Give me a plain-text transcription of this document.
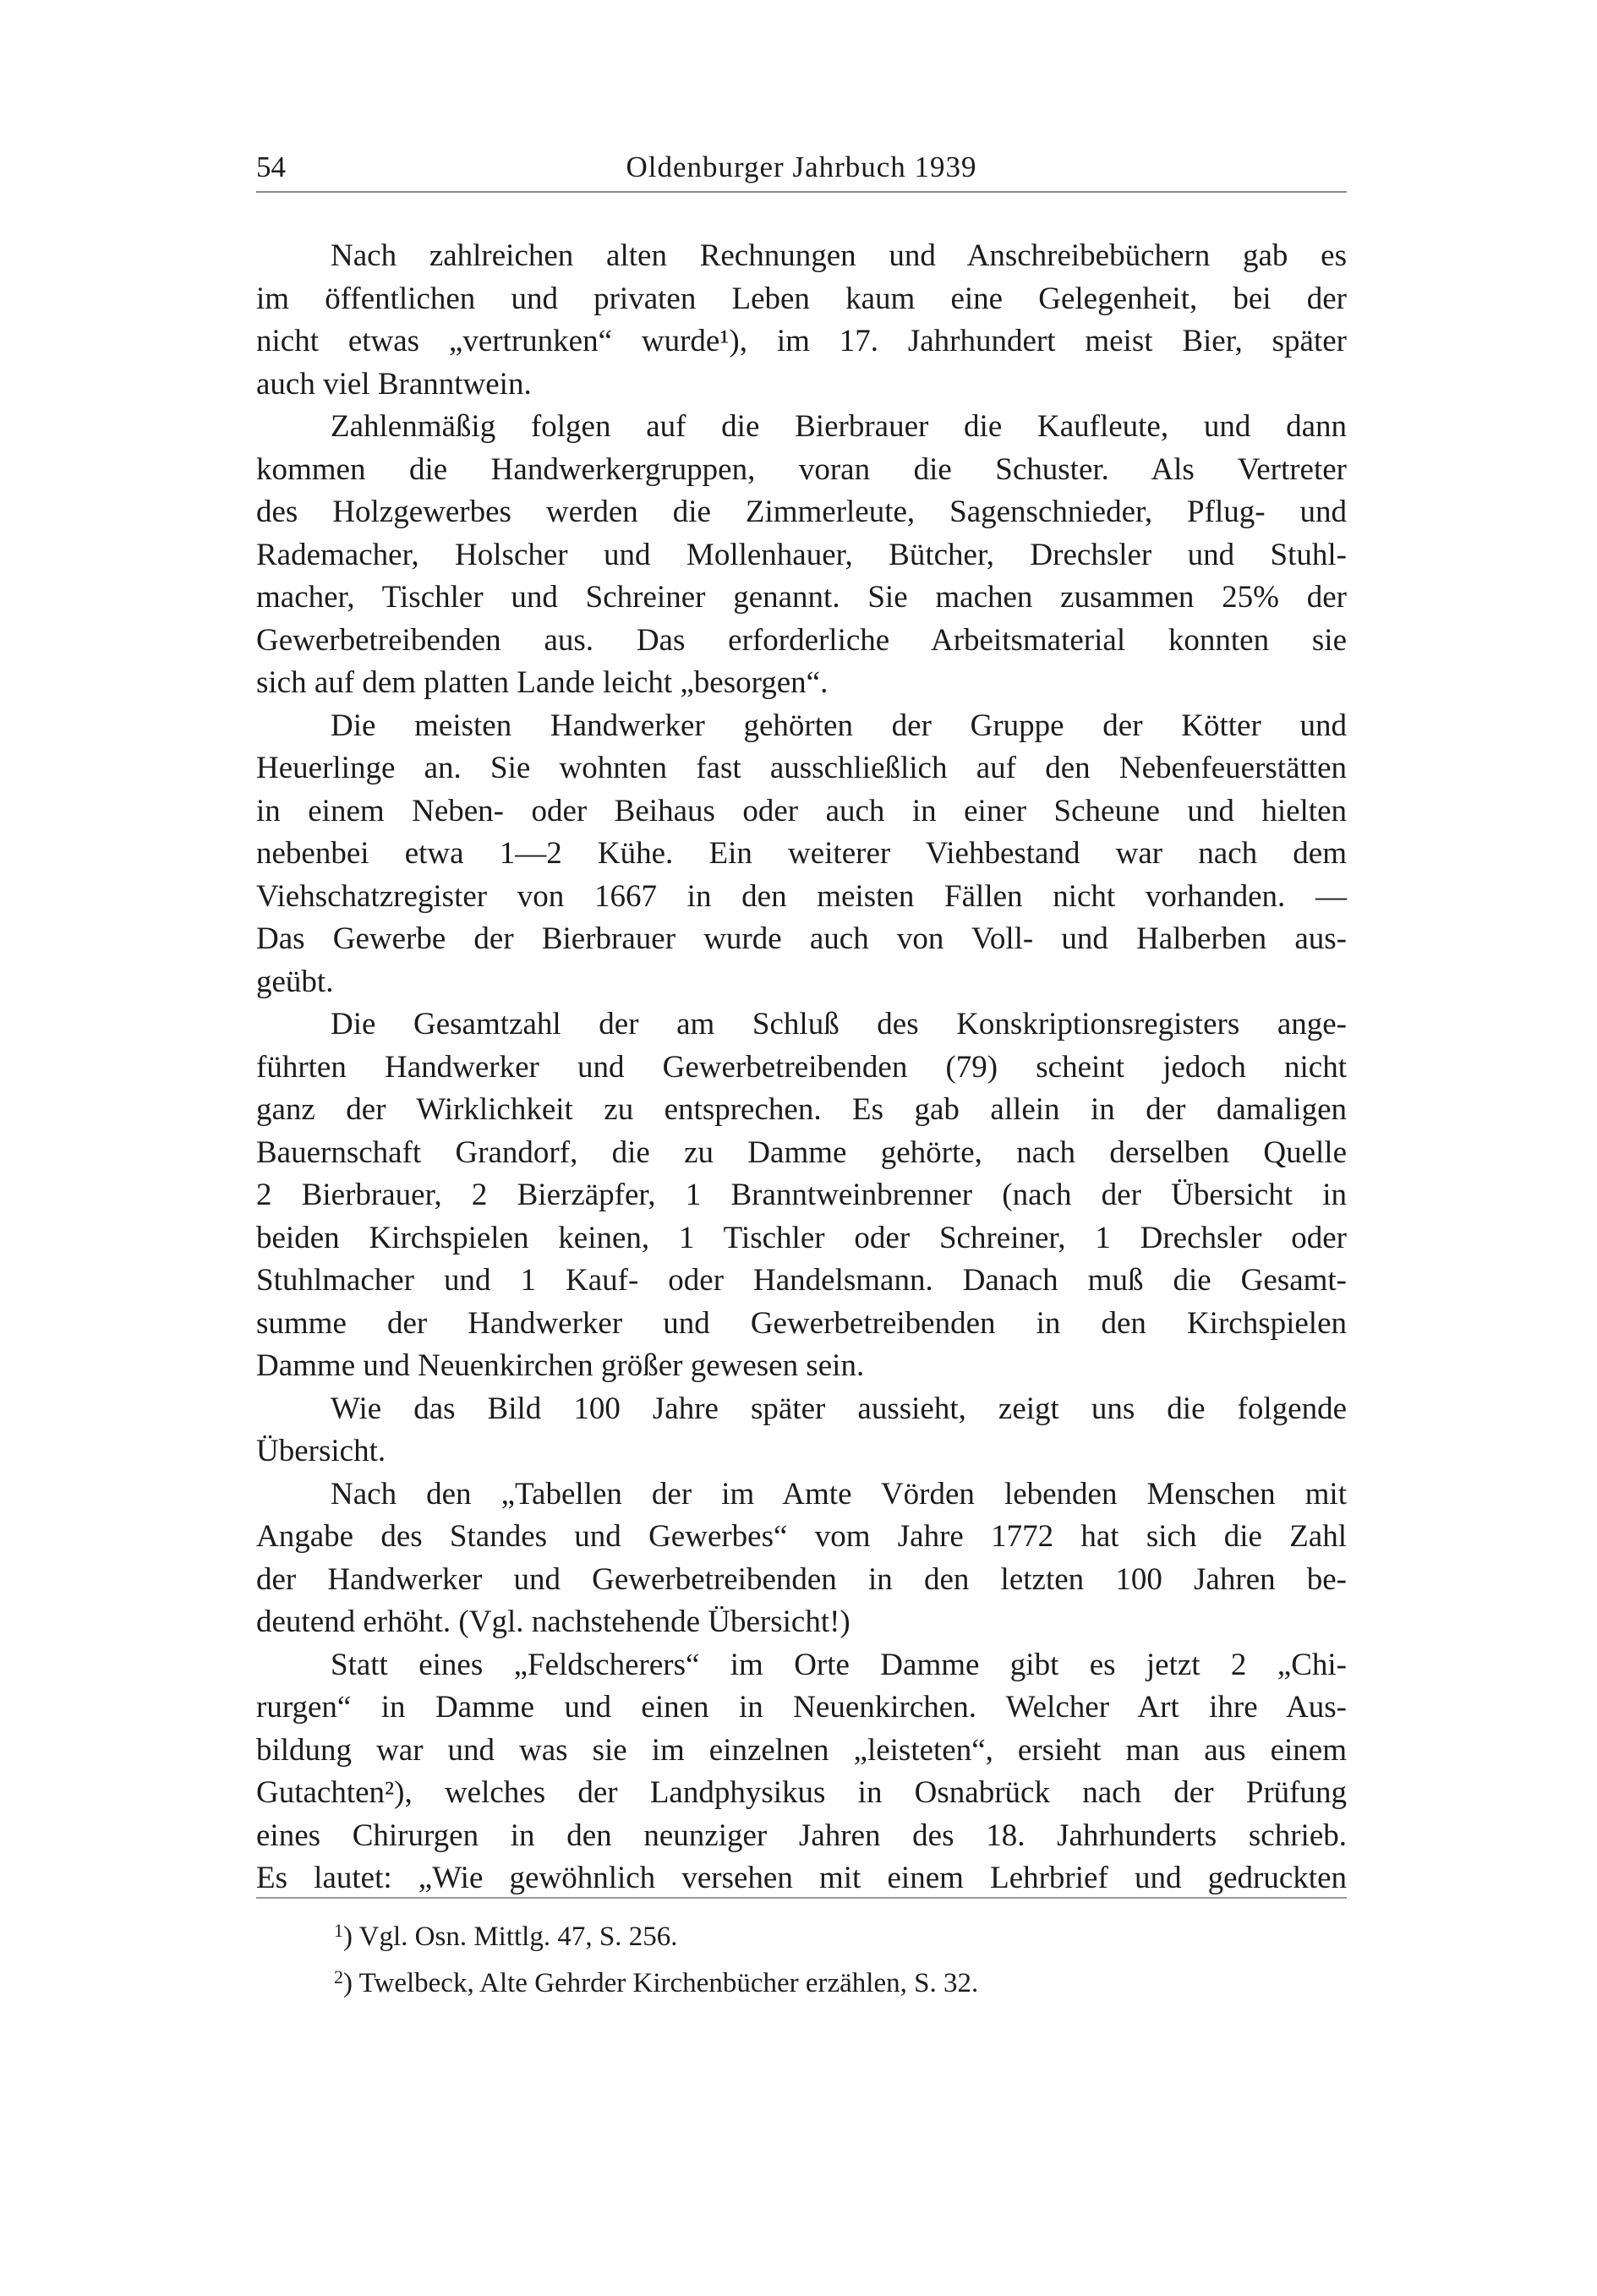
54	Oldenburger Jahrbuch 1939

Nach zahlreichen alten Rechnungen und Anschreibebüchern gab es

im öffentlichen und privaten Leben kaum eine Gelegenheit, bei der

nicht etwas „vertrunken“ wurde¹), im 17. Jahrhundert meist Bier, später

auch viel Branntwein.

Zahlenmäßig folgen auf die Bierbrauer die Kaufleute, und dann

kommen die Handwerkergruppen, voran die Schuster. Als Vertreter

des Holzgewerbes werden die Zimmerleute, Sagenschnieder, Pflug- und

Rademacher, Holscher und Mollenhauer, Bütcher, Drechsler und Stuhl-

macher, Tischler und Schreiner genannt. Sie machen zusammen 25% der

Gewerbetreibenden aus. Das erforderliche Arbeitsmaterial konnten sie

sich auf dem platten Lande leicht „besorgen“.

Die meisten Handwerker gehörten der Gruppe der Kötter und

Heuerlinge an. Sie wohnten fast ausschließlich auf den Nebenfeuerstätten

in einem Neben- oder Beihaus oder auch in einer Scheune und hielten

nebenbei etwa 1—2 Kühe. Ein weiterer Viehbestand war nach dem

Viehschatzregister von 1667 in den meisten Fällen nicht vorhanden. —

Das Gewerbe der Bierbrauer wurde auch von Voll- und Halberben aus-

geübt.

Die Gesamtzahl der am Schluß des Konskriptionsregisters ange-

führten Handwerker und Gewerbetreibenden (79) scheint jedoch nicht

ganz der Wirklichkeit zu entsprechen. Es gab allein in der damaligen

Bauernschaft Grandorf, die zu Damme gehörte, nach derselben Quelle

2 Bierbrauer, 2 Bierzäpfer, 1 Branntweinbrenner (nach der Übersicht in

beiden Kirchspielen keinen, 1 Tischler oder Schreiner, 1 Drechsler oder

Stuhlmacher und 1 Kauf- oder Handelsmann. Danach muß die Gesamt-

summe der Handwerker und Gewerbetreibenden in den Kirchspielen

Damme und Neuenkirchen größer gewesen sein.

Wie das Bild 100 Jahre später aussieht, zeigt uns die folgende

Übersicht.

Nach den „Tabellen der im Amte Vörden lebenden Menschen mit

Angabe des Standes und Gewerbes“ vom Jahre 1772 hat sich die Zahl

der Handwerker und Gewerbetreibenden in den letzten 100 Jahren be-

deutend erhöht. (Vgl. nachstehende Übersicht!)

Statt eines „Feldscherers“ im Orte Damme gibt es jetzt 2 „Chi-

rurgen“ in Damme und einen in Neuenkirchen. Welcher Art ihre Aus-

bildung war und was sie im einzelnen „leisteten“, ersieht man aus einem

Gutachten²), welches der Landphysikus in Osnabrück nach der Prüfung

eines Chirurgen in den neunziger Jahren des 18. Jahrhunderts schrieb.

Es lautet: „Wie gewöhnlich versehen mit einem Lehrbrief und gedruckten

$^1$) Vgl. Osn. Mittlg. 47, S. 256.
$^2$) Twelbeck, Alte Gehrder Kirchenbücher erzählen, S. 32.
